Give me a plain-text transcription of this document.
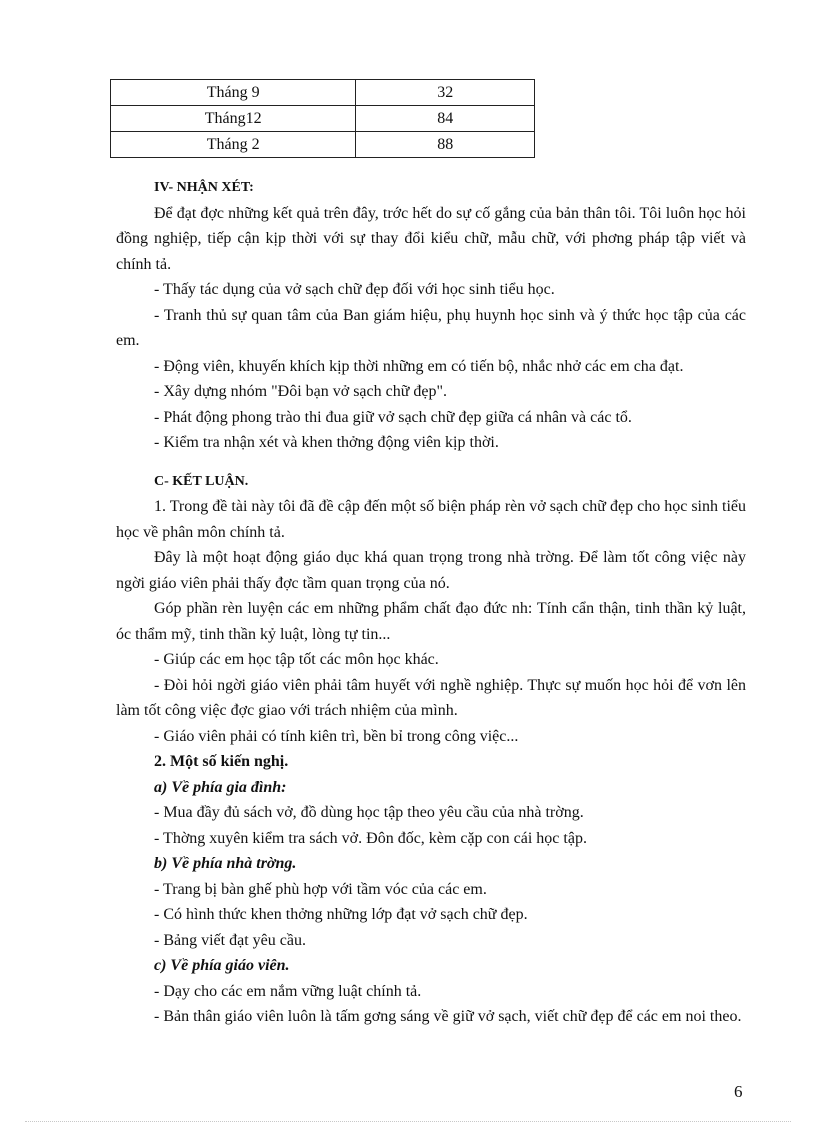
Tháng 9	32
Tháng12	84
Tháng 2	88

IV- NHẬN XÉT:

Để đạt đợc những kết quả trên đây, trớc hết do sự cố gắng của bản thân tôi. Tôi luôn học hỏi đồng nghiệp, tiếp cận kịp thời với sự thay đổi kiểu chữ, mẫu chữ, với phơng pháp tập viết và chính tả.

- Thấy tác dụng của vở sạch chữ đẹp đối với học sinh tiểu học.

- Tranh thủ sự quan tâm của Ban giám hiệu, phụ huynh học sinh và ý thức học tập của các em.

- Động viên, khuyến khích kịp thời những em có tiến bộ, nhắc nhở các em cha đạt.

- Xây dựng nhóm "Đôi bạn vở sạch chữ đẹp".

- Phát động phong trào thi đua giữ vở sạch chữ đẹp giữa cá nhân và các tổ.

- Kiểm tra nhận xét và khen thởng động viên kịp thời.

C- KẾT LUẬN.

1. Trong đề tài này tôi đã đề cập đến một số biện pháp rèn vở sạch chữ đẹp cho học sinh tiểu học về phân môn chính tả.

Đây là một hoạt động giáo dục khá quan trọng trong nhà trờng. Để làm tốt công việc này ngời giáo viên phải thấy đợc tầm quan trọng của nó.

Góp phần rèn luyện các em những phẩm chất đạo đức nh: Tính cẩn thận, tinh thần kỷ luật, óc thẩm mỹ, tinh thần kỷ luật, lòng tự tin...

- Giúp các em học tập tốt các môn học khác.

- Đòi hỏi ngời giáo viên phải tâm huyết với nghề nghiệp. Thực sự muốn học hỏi để vơn lên làm tốt công việc đợc giao với trách nhiệm của mình.

- Giáo viên phải có tính kiên trì, bền bỉ trong công việc...

2. Một số kiến nghị.

a) Về phía gia đình:

- Mua đầy đủ sách vở, đồ dùng học tập theo yêu cầu của nhà trờng.

- Thờng xuyên kiểm tra sách vở. Đôn đốc, kèm cặp con cái học tập.

b) Về phía nhà trờng.

- Trang bị bàn ghế phù hợp với tầm vóc của các em.

- Có hình thức khen thởng những lớp đạt vở sạch chữ đẹp.

- Bảng viết đạt yêu cầu.

c) Về phía giáo viên.

- Dạy cho các em nắm vững luật chính tả.

- Bản thân giáo viên luôn là tấm gơng sáng về giữ vở sạch, viết chữ đẹp để các em noi theo.

6
